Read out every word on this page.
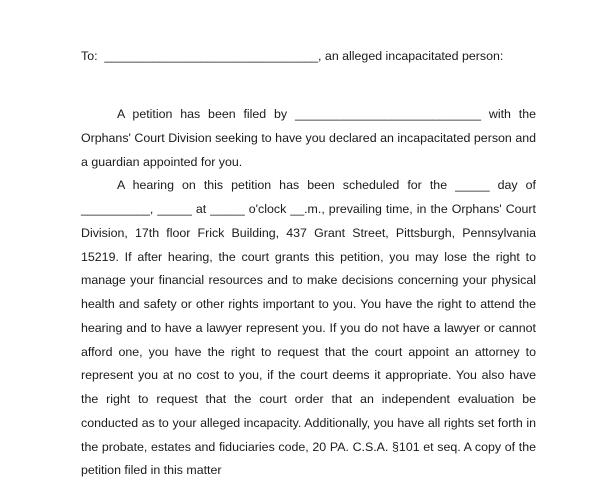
To:  _______________________________, an alleged incapacitated person:

A petition has been filed by ___________________________ with the Orphans' Court Division seeking to have you declared an incapacitated person and a guardian appointed for you.

A hearing on this petition has been scheduled for the _____ day of __________, _____ at _____ o'clock __.m., prevailing time, in the Orphans' Court Division, 17th floor Frick Building, 437 Grant Street, Pittsburgh, Pennsylvania 15219. If after hearing, the court grants this petition, you may lose the right to manage your financial resources and to make decisions concerning your physical health and safety or other rights important to you. You have the right to attend the hearing and to have a lawyer represent you. If you do not have a lawyer or cannot afford one, you have the right to request that the court appoint an attorney to represent you at no cost to you, if the court deems it appropriate. You also have the right to request that the court order that an independent evaluation be conducted as to your alleged incapacity. Additionally, you have all rights set forth in the probate, estates and fiduciaries code, 20 PA. C.S.A. §101 et seq. A copy of the petition filed in this matter
